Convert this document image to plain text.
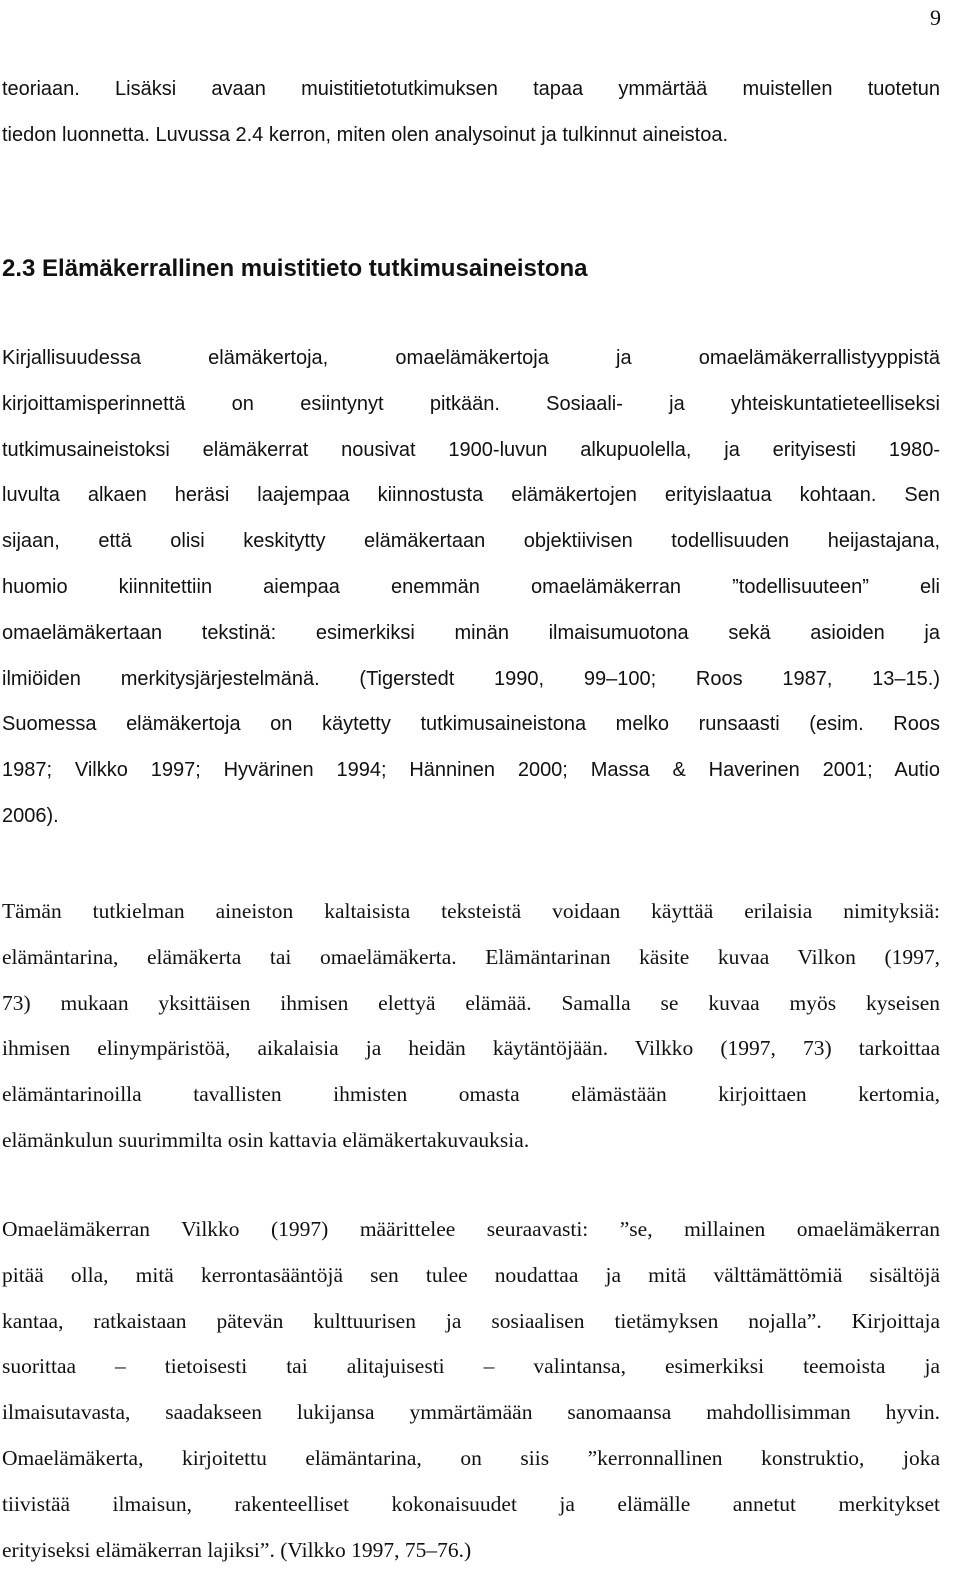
9
teoriaan. Lisäksi avaan muistitietotutkimuksen tapaa ymmärtää muistellen tuotetun
tiedon luonnetta. Luvussa 2.4 kerron, miten olen analysoinut ja tulkinnut aineistoa.
2.3 Elämäkerrallinen muistitieto tutkimusaineistona
Kirjallisuudessa elämäkertoja, omaelämäkertoja ja omaelämäkerrallistyyppistä
kirjoittamisperinnettä on esiintynyt pitkään. Sosiaali- ja yhteiskuntatieteelliseksi
tutkimusaineistoksi elämäkerrat nousivat 1900-luvun alkupuolella, ja erityisesti 1980-
luvulta alkaen heräsi laajempaa kiinnostusta elämäkertojen erityislaatua kohtaan. Sen
sijaan, että olisi keskitytty elämäkertaan objektiivisen todellisuuden heijastajana,
huomio kiinnitettiin aiempaa enemmän omaelämäkerran ”todellisuuteen” eli
omaelämäkertaan tekstinä: esimerkiksi minän ilmaisumuotona sekä asioiden ja
ilmiöiden merkitysjärjestelmänä. (Tigerstedt 1990, 99–100; Roos 1987, 13–15.)
Suomessa elämäkertoja on käytetty tutkimusaineistona melko runsaasti (esim. Roos
1987; Vilkko 1997; Hyvärinen 1994; Hänninen 2000; Massa & Haverinen 2001; Autio
2006).
Tämän tutkielman aineiston kaltaisista teksteistä voidaan käyttää erilaisia nimityksiä:
elämäntarina, elämäkerta tai omaelämäkerta. Elämäntarinan käsite kuvaa Vilkon (1997,
73) mukaan yksittäisen ihmisen elettyä elämää. Samalla se kuvaa myös kyseisen
ihmisen elinympäristöä, aikalaisia ja heidän käytäntöjään. Vilkko (1997, 73) tarkoittaa
elämäntarinoilla tavallisten ihmisten omasta elämästään kirjoittaen kertomia,
elämänkulun suurimmilta osin kattavia elämäkertakuvauksia.
Omaelämäkerran Vilkko (1997) määrittelee seuraavasti: ”se, millainen omaelämäkerran
pitää olla, mitä kerrontasääntöjä sen tulee noudattaa ja mitä välttämättömiä sisältöjä
kantaa, ratkaistaan pätevän kulttuurisen ja sosiaalisen tietämyksen nojalla”. Kirjoittaja
suorittaa – tietoisesti tai alitajuisesti – valintansa, esimerkiksi teemoista ja
ilmaisutavasta, saadakseen lukijansa ymmärtämään sanomaansa mahdollisimman hyvin.
Omaelämäkerta, kirjoitettu elämäntarina, on siis ”kerronnallinen konstruktio, joka
tiivistää ilmaisun, rakenteelliset kokonaisuudet ja elämälle annetut merkitykset
erityiseksi elämäkerran lajiksi”. (Vilkko 1997, 75–76.)
